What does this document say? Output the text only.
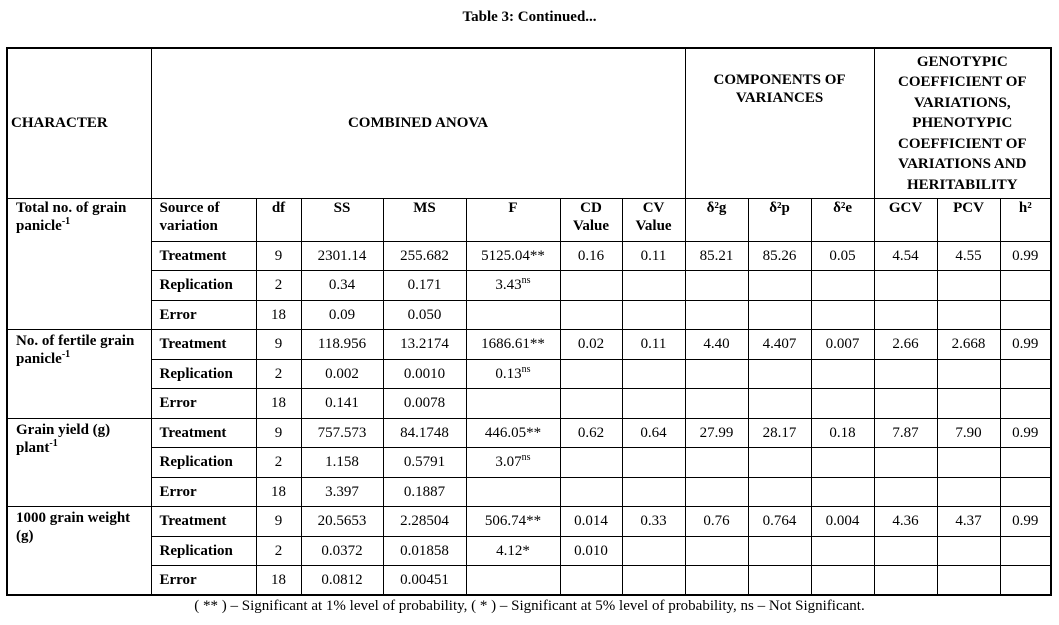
Table 3: Continued...
CHARACTER	COMBINED ANOVA							COMPONENTS OF VARIANCES			GENOTYPIC COEFFICIENT OF VARIATIONS, PHENOTYPIC COEFFICIENT OF VARIATIONS AND HERITABILITY		
Total no. of grain panicle$^{-1}$	Source of variation	df	SS	MS	F	CD Value	CV Value	δ²g	δ²p	δ²e	GCV	PCV	h²
	Treatment	9	2301.14	255.682	5125.04**	0.16	0.11	85.21	85.26	0.05	4.54	4.55	0.99
	Replication	2	0.34	0.171	$3.43^{ns}$								
	Error	18	0.09	0.050									
No. of fertile grain panicle$^{-1}$	Treatment	9	118.956	13.2174	1686.61**	0.02	0.11	4.40	4.407	0.007	2.66	2.668	0.99
	Replication	2	0.002	0.0010	$0.13^{ns}$								
	Error	18	0.141	0.0078									
Grain yield (g) plant$^{-1}$	Treatment	9	757.573	84.1748	446.05**	0.62	0.64	27.99	28.17	0.18	7.87	7.90	0.99
	Replication	2	1.158	0.5791	$3.07^{ns}$								
	Error	18	3.397	0.1887									
1000 grain weight (g)	Treatment	9	20.5653	2.28504	506.74**	0.014	0.33	0.76	0.764	0.004	4.36	4.37	0.99
	Replication	2	0.0372	0.01858	4.12*	0.010							
	Error	18	0.0812	0.00451									
( ** ) – Significant at 1% level of probability, ( * ) – Significant at 5% level of probability, ns – Not Significant.
